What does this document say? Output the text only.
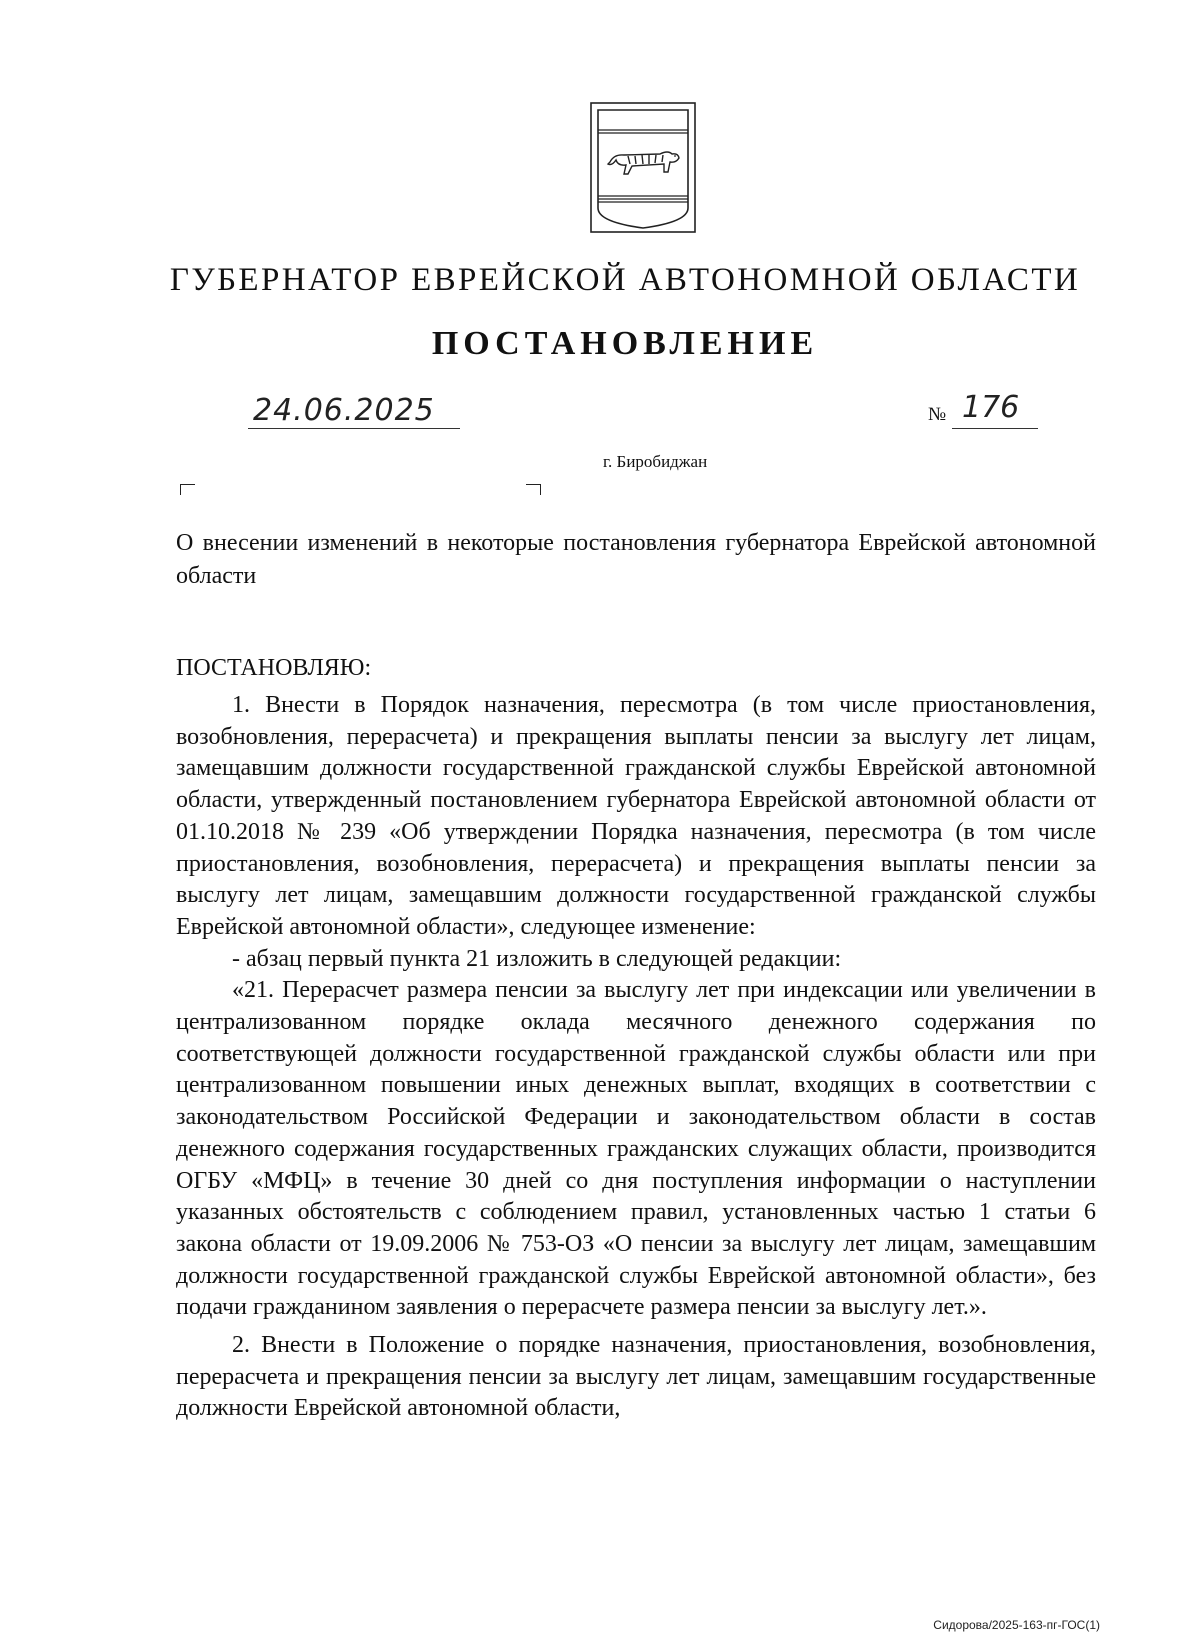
ГУБЕРНАТОР ЕВРЕЙСКОЙ АВТОНОМНОЙ ОБЛАСТИ
ПОСТАНОВЛЕНИЕ
24.06.2025	№ 176
г. Биробиджан
О внесении изменений в некоторые постановления губернатора Еврейской автономной области
ПОСТАНОВЛЯЮ:

1. Внести в Порядок назначения, пересмотра (в том числе приостановления, возобновления, перерасчета) и прекращения выплаты пенсии за выслугу лет лицам, замещавшим должности государственной гражданской службы Еврейской автономной области, утвержденный постановлением губернатора Еврейской автономной области от 01.10.2018 № 239 «Об утверждении Порядка назначения, пересмотра (в том числе приостановления, возобновления, перерасчета) и прекращения выплаты пенсии за выслугу лет лицам, замещавшим должности государственной гражданской службы Еврейской автономной области», следующее изменение:

- абзац первый пункта 21 изложить в следующей редакции:

«21. Перерасчет размера пенсии за выслугу лет при индексации или увеличении в централизованном порядке оклада месячного денежного содержания по соответствующей должности государственной гражданской службы области или при централизованном повышении иных денежных выплат, входящих в соответствии с законодательством Российской Федерации и законодательством области в состав денежного содержания государственных гражданских служащих области, производится ОГБУ «МФЦ» в течение 30 дней со дня поступления информации о наступлении указанных обстоятельств с соблюдением правил, установленных частью 1 статьи 6 закона области от 19.09.2006 № 753-ОЗ «О пенсии за выслугу лет лицам, замещавшим должности государственной гражданской службы Еврейской автономной области», без подачи гражданином заявления о перерасчете размера пенсии за выслугу лет.».

2. Внести в Положение о порядке назначения, приостановления, возобновления, перерасчета и прекращения пенсии за выслугу лет лицам, замещавшим государственные должности Еврейской автономной области,

Сидорова/2025-163-пг-ГОС(1)
